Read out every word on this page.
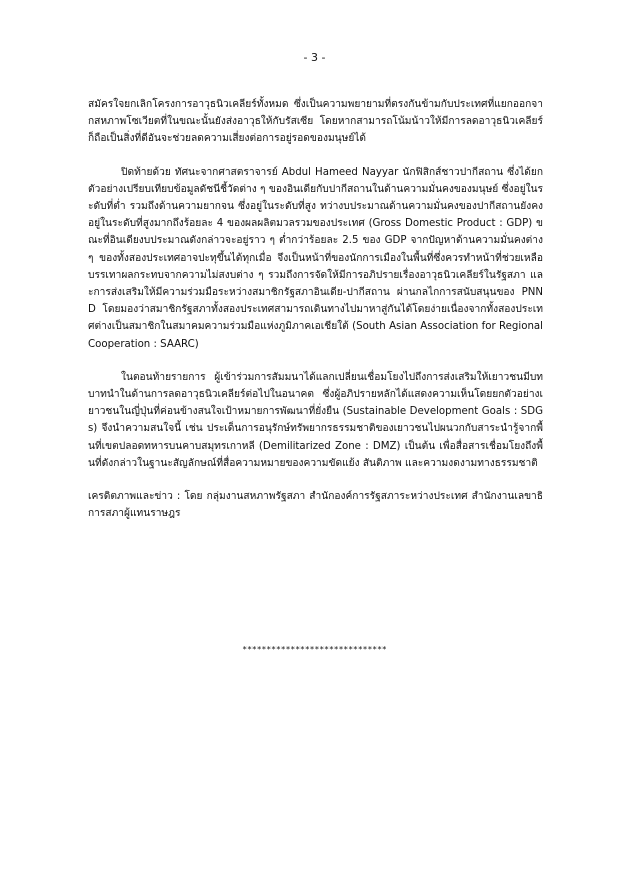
- 3 -

สมัครใจยกเลิกโครงการอาวุธนิวเคลียร์ทั้งหมด ซึ่งเป็นความพยายามที่ตรงกันข้ามกับประเทศที่แยกออกจากสหภาพโซเวียตที่ในขณะนั้นยังส่งอาวุธให้กับรัสเซีย โดยหากสามารถโน้มน้าวให้มีการลดอาวุธนิวเคลียร์ก็ถือเป็นสิ่งที่ดีอันจะช่วยลดความเสี่ยงต่อการอยู่รอดของมนุษย์ได้

ปิดท้ายด้วย ทัศนะจากศาสตราจารย์ Abdul Hameed Nayyar นักฟิสิกส์ชาวปากีสถาน ซึ่งได้ยกตัวอย่างเปรียบเทียบข้อมูลดัชนีชี้วัดต่าง ๆ ของอินเดียกับปากีสถานในด้านความมั่นคงของมนุษย์ ซึ่งอยู่ในระดับที่ต่ำ รวมถึงด้านความยากจน ซึ่งอยู่ในระดับที่สูง ทว่างบประมาณด้านความมั่นคงของปากีสถานยังคงอยู่ในระดับที่สูงมากถึงร้อยละ 4 ของผลผลิตมวลรวมของประเทศ (Gross Domestic Product : GDP) ขณะที่อินเดียงบประมาณดังกล่าวจะอยู่ราว ๆ ต่ำกว่าร้อยละ 2.5 ของ GDP จากปัญหาด้านความมั่นคงต่าง ๆ ของทั้งสองประเทศอาจปะทุขึ้นได้ทุกเมื่อ จึงเป็นหน้าที่ของนักการเมืองในพื้นที่ซึ่งควรทำหน้าที่ช่วยเหลือบรรเทาผลกระทบจากความไม่สงบต่าง ๆ รวมถึงการจัดให้มีการอภิปรายเรื่องอาวุธนิวเคลียร์ในรัฐสภา และการส่งเสริมให้มีความร่วมมือระหว่างสมาชิกรัฐสภาอินเดีย-ปากีสถาน ผ่านกลไกการสนับสนุนของ PNND โดยมองว่าสมาชิกรัฐสภาทั้งสองประเทศสามารถเดินทางไปมาหาสู่กันได้โดยง่ายเนื่องจากทั้งสองประเทศต่างเป็นสมาชิกในสมาคมความร่วมมือแห่งภูมิภาคเอเชียใต้ (South Asian Association for Regional Cooperation : SAARC)

ในตอนท้ายรายการ ผู้เข้าร่วมการสัมมนาได้แลกเปลี่ยนเชื่อมโยงไปถึงการส่งเสริมให้เยาวชนมีบทบาทนำในด้านการลดอาวุธนิวเคลียร์ต่อไปในอนาคต ซึ่งผู้อภิปรายหลักได้แสดงความเห็นโดยยกตัวอย่างเยาวชนในญี่ปุ่นที่ค่อนข้างสนใจเป้าหมายการพัฒนาที่ยั่งยืน (Sustainable Development Goals : SDGs) จึงนำความสนใจนี้ เช่น ประเด็นการอนุรักษ์ทรัพยากรธรรมชาติของเยาวชนไปผนวกกับสาระนำรู้จากพื้นที่เขตปลอดทหารบนคาบสมุทรเกาหลี (Demilitarized Zone : DMZ) เป็นต้น เพื่อสื่อสารเชื่อมโยงถึงพื้นที่ดังกล่าวในฐานะสัญลักษณ์ที่สื่อความหมายของความขัดแย้ง สันติภาพ และความงดงามทางธรรมชาติ

เครดิตภาพและข่าว : โดย กลุ่มงานสหภาพรัฐสภา สำนักองค์การรัฐสภาระหว่างประเทศ สำนักงานเลขาธิการสภาผู้แทนราษฎร

******************************
